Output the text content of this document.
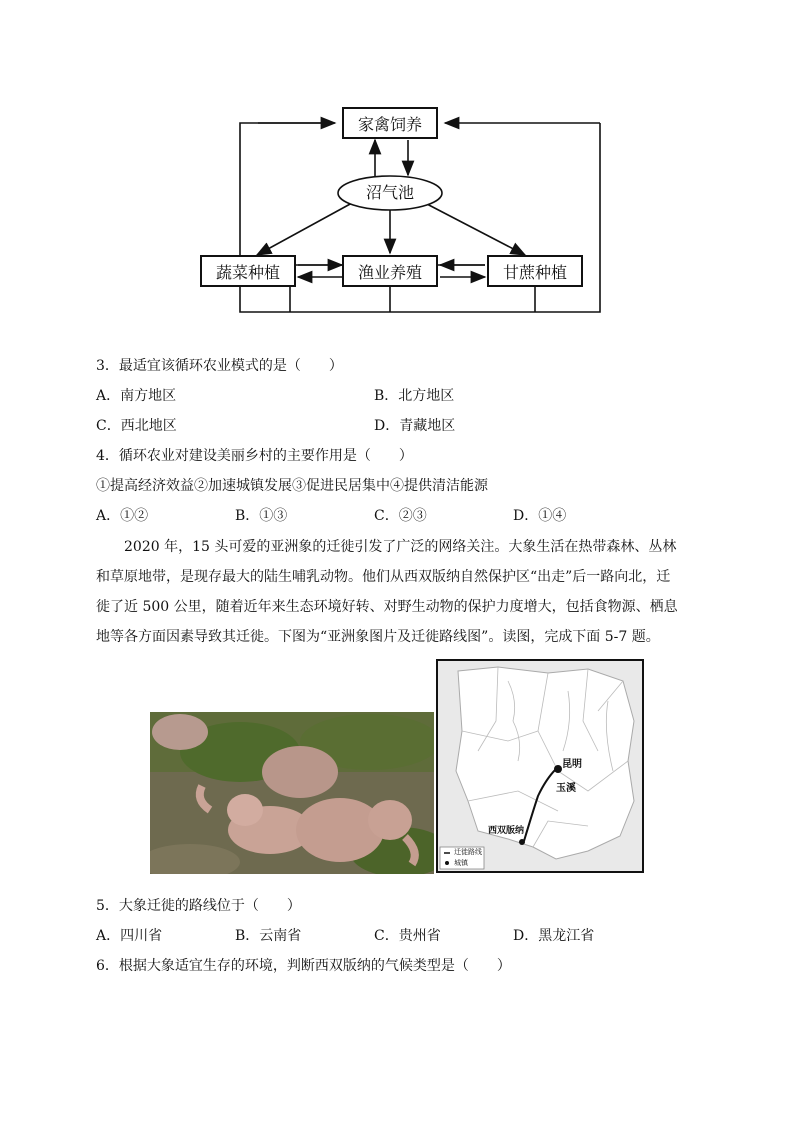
家禽饲养
沼气池
蔬菜种植	渔业养殖	甘蔗种植
3．最适宜该循环农业模式的是（　　）
A．南方地区	B．北方地区
C．西北地区	D．青藏地区
4．循环农业对建设美丽乡村的主要作用是（　　）
①提高经济效益②加速城镇发展③促进民居集中④提供清洁能源
A．①②	B．①③	C．②③	D．①④
2020 年，15 头可爱的亚洲象的迁徙引发了广泛的网络关注。大象生活在热带森林、丛林和草原地带，是现存最大的陆生哺乳动物。他们从西双版纳自然保护区“出走”后一路向北，迁徙了近 500 公里，随着近年来生态环境好转、对野生动物的保护力度增大，包括食物源、栖息地等各方面因素导致其迁徙。下图为“亚洲象图片及迁徙路线图”。读图，完成下面 5-7 题。
昆明
玉溪
西双版纳
迁徙路线
城镇
5．大象迁徙的路线位于（　　）
A．四川省	B．云南省	C．贵州省	D．黑龙江省
6．根据大象适宜生存的环境，判断西双版纳的气候类型是（　　）
